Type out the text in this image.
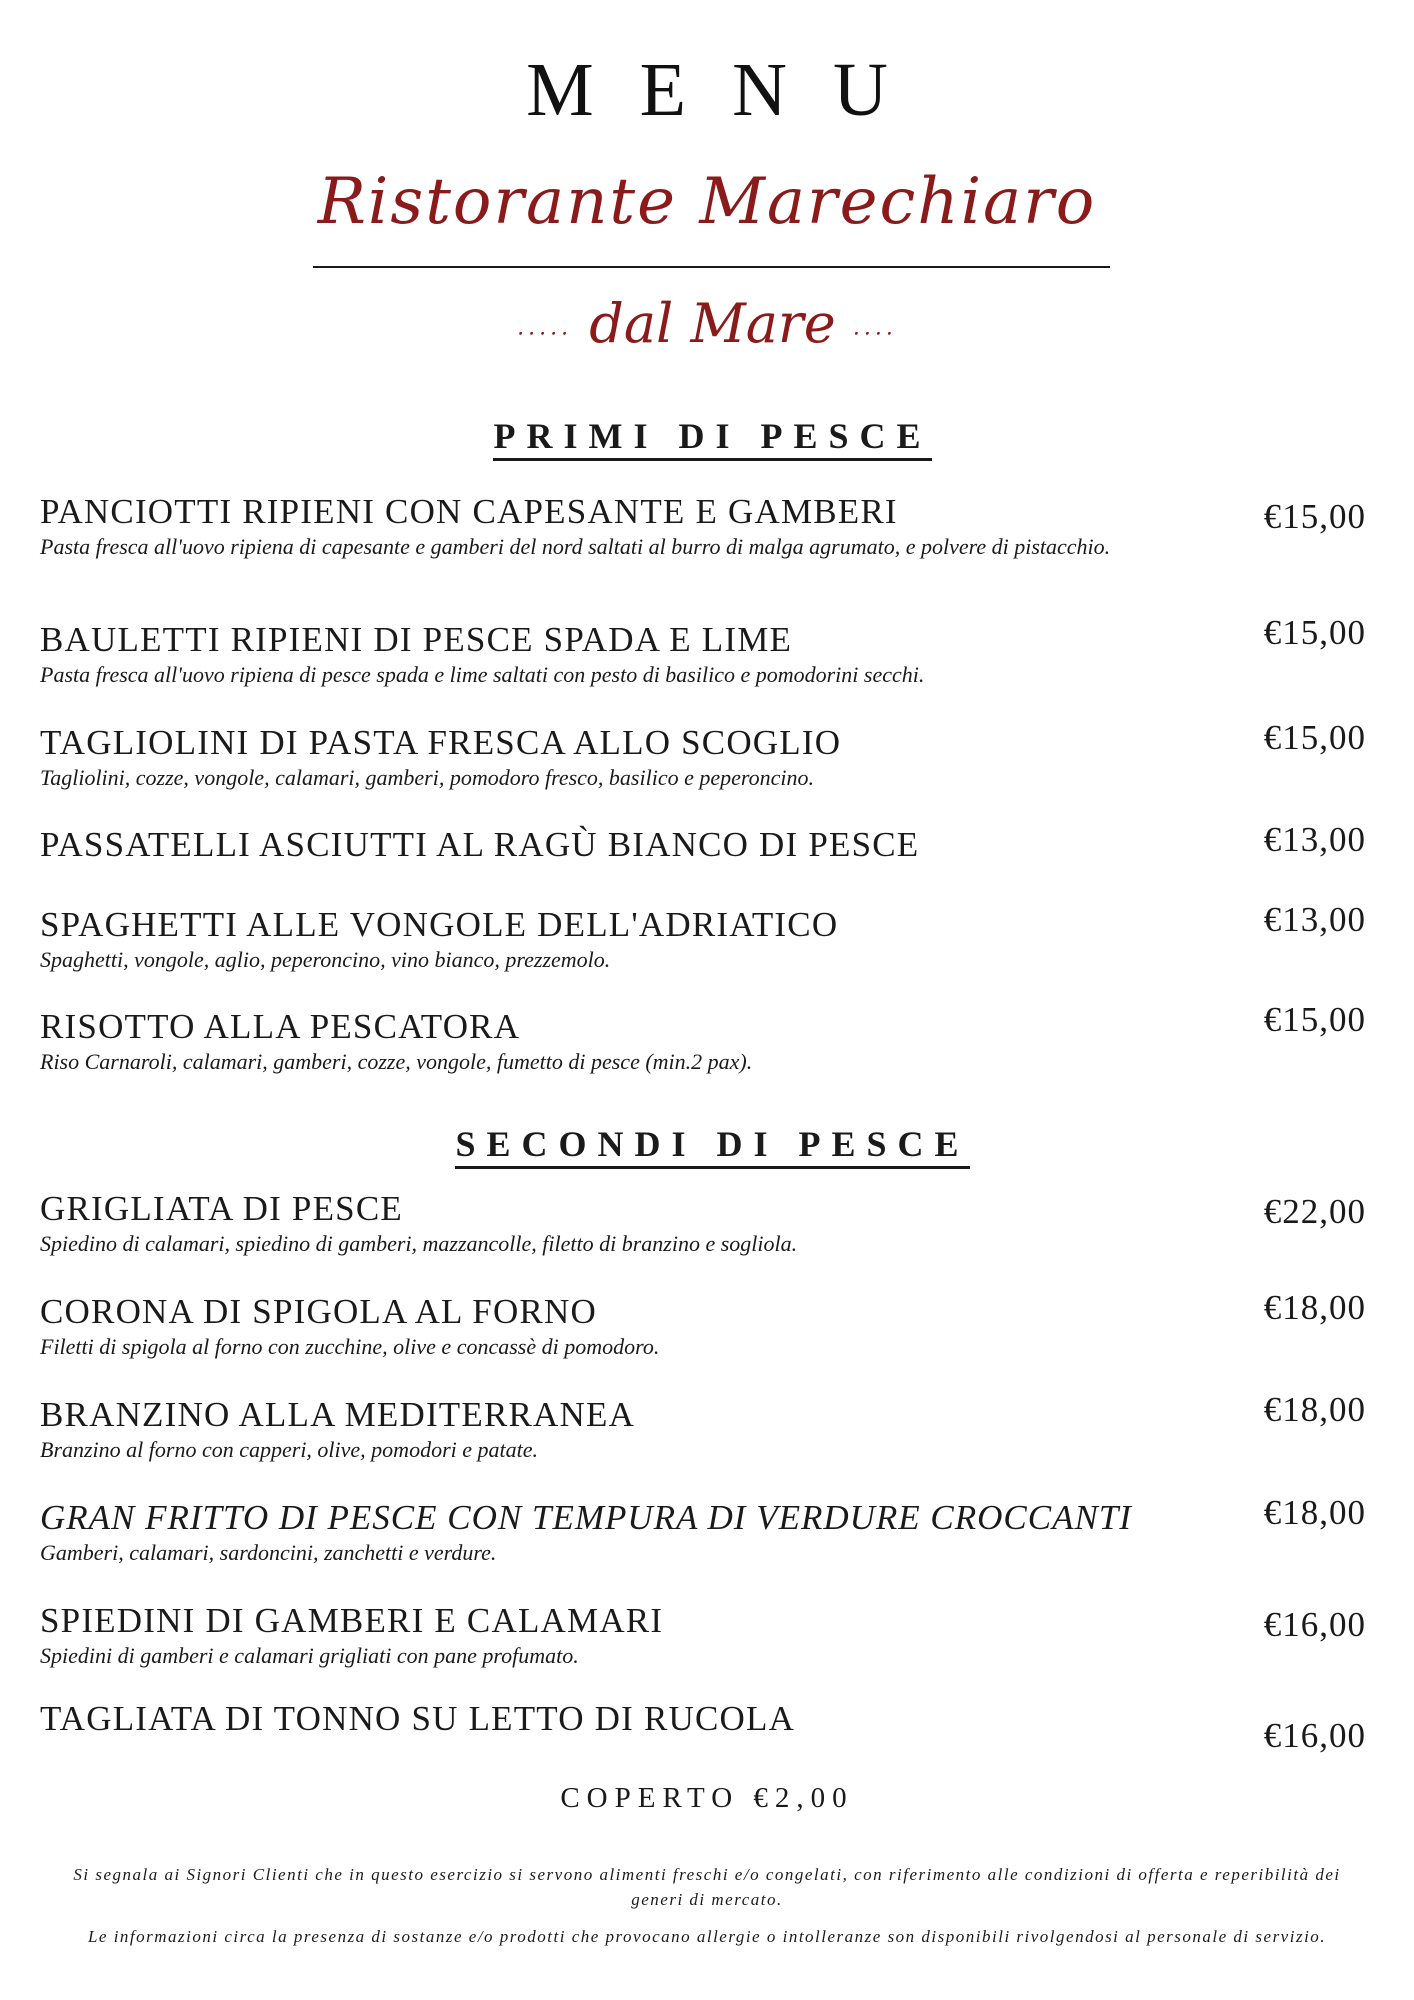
MENU
Ristorante Marechiaro
..... dal Mare ....
PRIMI DI PESCE
PANCIOTTI RIPIENI CON CAPESANTE E GAMBERI
Pasta fresca all'uovo ripiena di capesante e gamberi del nord saltati al burro di malga agrumato, e polvere di pistacchio.
€15,00
BAULETTI RIPIENI DI PESCE SPADA E LIME
Pasta fresca all'uovo ripiena di pesce spada e lime saltati con pesto di basilico e pomodorini secchi.
€15,00
TAGLIOLINI DI PASTA FRESCA ALLO SCOGLIO
Tagliolini, cozze, vongole, calamari, gamberi, pomodoro fresco, basilico e peperoncino.
€15,00
PASSATELLI ASCIUTTI AL RAGÙ BIANCO DI PESCE	€13,00
SPAGHETTI ALLE VONGOLE DELL'ADRIATICO
Spaghetti, vongole, aglio, peperoncino, vino bianco, prezzemolo.
€13,00
RISOTTO ALLA PESCATORA
Riso Carnaroli, calamari, gamberi, cozze, vongole, fumetto di pesce (min.2 pax).
€15,00
SECONDI DI PESCE
GRIGLIATA DI PESCE
Spiedino di calamari, spiedino di gamberi, mazzancolle, filetto di branzino e sogliola.
€22,00
CORONA DI SPIGOLA AL FORNO
Filetti di spigola al forno con zucchine, olive e concassè di pomodoro.
€18,00
BRANZINO ALLA MEDITERRANEA
Branzino al forno con capperi, olive, pomodori e patate.
€18,00
GRAN FRITTO DI PESCE CON TEMPURA DI VERDURE CROCCANTI
Gamberi, calamari, sardoncini, zanchetti e verdure.
€18,00
SPIEDINI DI GAMBERI E CALAMARI
Spiedini di gamberi e calamari grigliati con pane profumato.
€16,00
TAGLIATA DI TONNO SU LETTO DI RUCOLA	€16,00
COPERTO €2,00
Si segnala ai Signori Clienti che in questo esercizio si servono alimenti freschi e/o congelati, con riferimento alle condizioni di offerta e reperibilità dei generi di mercato.
Le informazioni circa la presenza di sostanze e/o prodotti che provocano allergie o intolleranze son disponibili rivolgendosi al personale di servizio.
